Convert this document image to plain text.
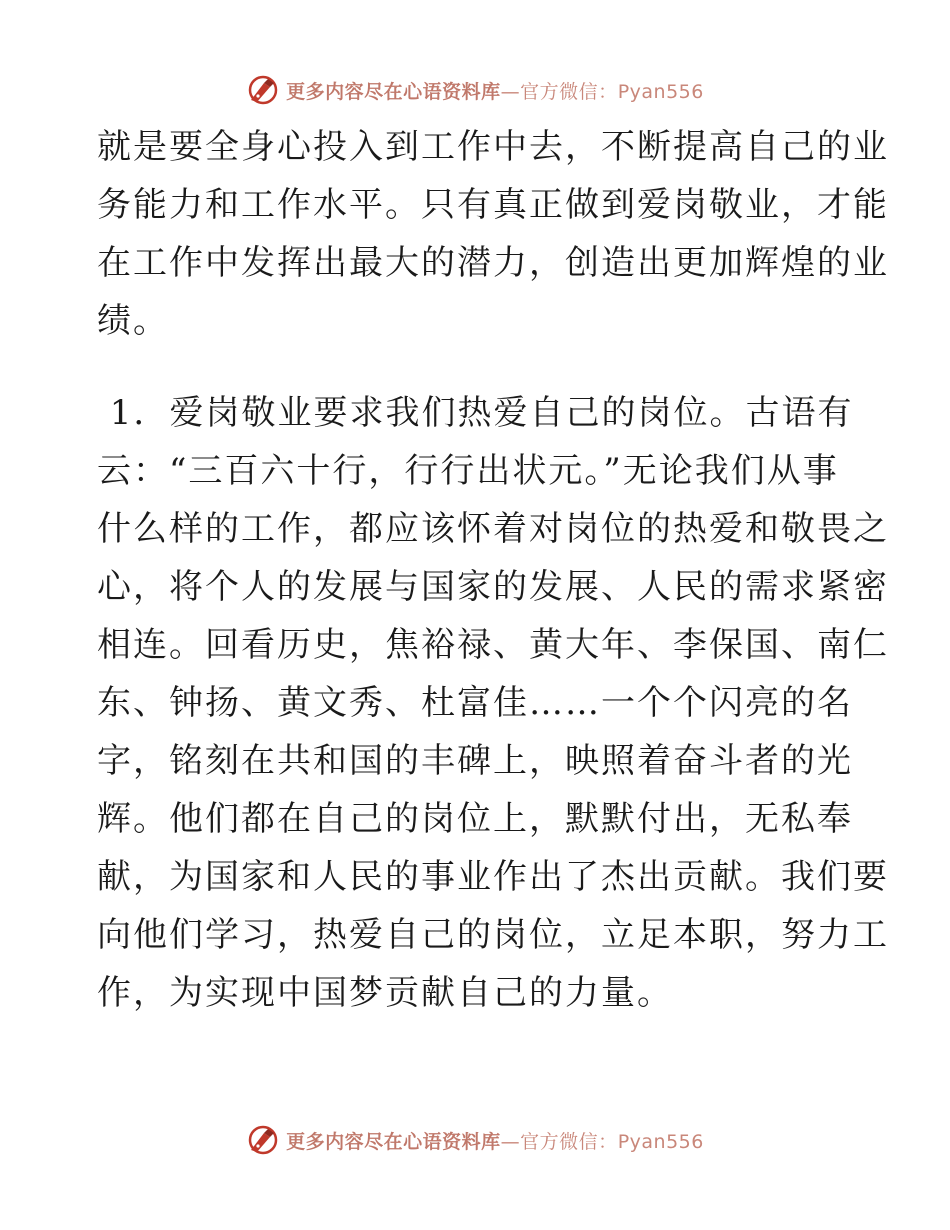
更多内容尽在心语资料库—官方微信：Pyan556
就是要全身心投入到工作中去，不断提高自己的业
务能力和工作水平。只有真正做到爱岗敬业，才能
在工作中发挥出最大的潜力，创造出更加辉煌的业
绩。
1．爱岗敬业要求我们热爱自己的岗位。古语有
云：“三百六十行，行行出状元。”无论我们从事
什么样的工作，都应该怀着对岗位的热爱和敬畏之
心，将个人的发展与国家的发展、人民的需求紧密
相连。回看历史，焦裕禄、黄大年、李保国、南仁
东、钟扬、黄文秀、杜富佳……一个个闪亮的名
字，铭刻在共和国的丰碑上，映照着奋斗者的光
辉。他们都在自己的岗位上，默默付出，无私奉
献，为国家和人民的事业作出了杰出贡献。我们要
向他们学习，热爱自己的岗位，立足本职，努力工
作，为实现中国梦贡献自己的力量。
更多内容尽在心语资料库—官方微信：Pyan556
